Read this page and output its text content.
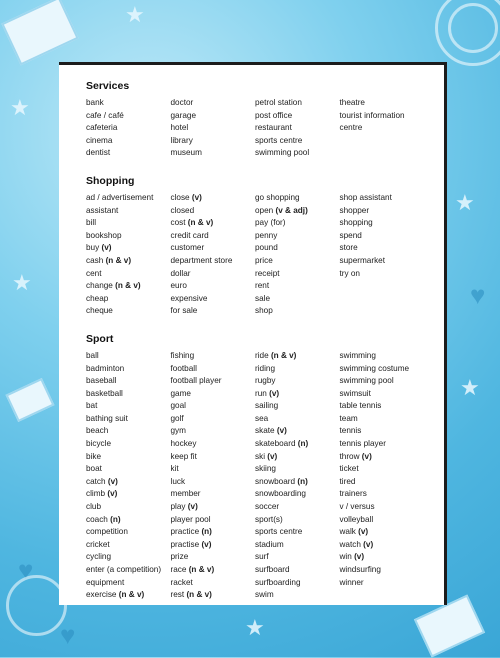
★
★
★
★
★
★
♥
♥
♥
Services
bank
cafe / café
cafeteria
cinema
dentist
doctor
garage
hotel
library
museum
petrol station
post office
restaurant
sports centre
swimming pool
theatre
tourist information
centre
Shopping
ad / advertisement
assistant
bill
bookshop
buy (v)
cash (n & v)
cent
change (n & v)
cheap
cheque
close (v)
closed
cost (n & v)
credit card
customer
department store
dollar
euro
expensive
for sale
go shopping
open (v & adj)
pay (for)
penny
pound
price
receipt
rent
sale
shop
shop assistant
shopper
shopping
spend
store
supermarket
try on
Sport
ball
badminton
baseball
basketball
bat
bathing suit
beach
bicycle
bike
boat
catch (v)
climb (v)
club
coach (n)
competition
cricket
cycling
enter (a competition)
equipment
exercise (n & v)
fishing
football
football player
game
goal
golf
gym
hockey
keep fit
kit
luck
member
play (v)
player pool
practice (n)
practise (v)
prize
race (n & v)
racket
rest (n & v)
ride (n & v)
riding
rugby
run (v)
sailing
sea
skate (v)
skateboard (n)
ski (v)
skiing
snowboard (n)
snowboarding
soccer
sport(s)
sports centre
stadium
surf
surfboard
surfboarding
swim
swimming
swimming costume
swimming pool
swimsuit
table tennis
team
tennis
tennis player
throw (v)
ticket
tired
trainers
v / versus
volleyball
walk (v)
watch (v)
win (v)
windsurfing
winner
